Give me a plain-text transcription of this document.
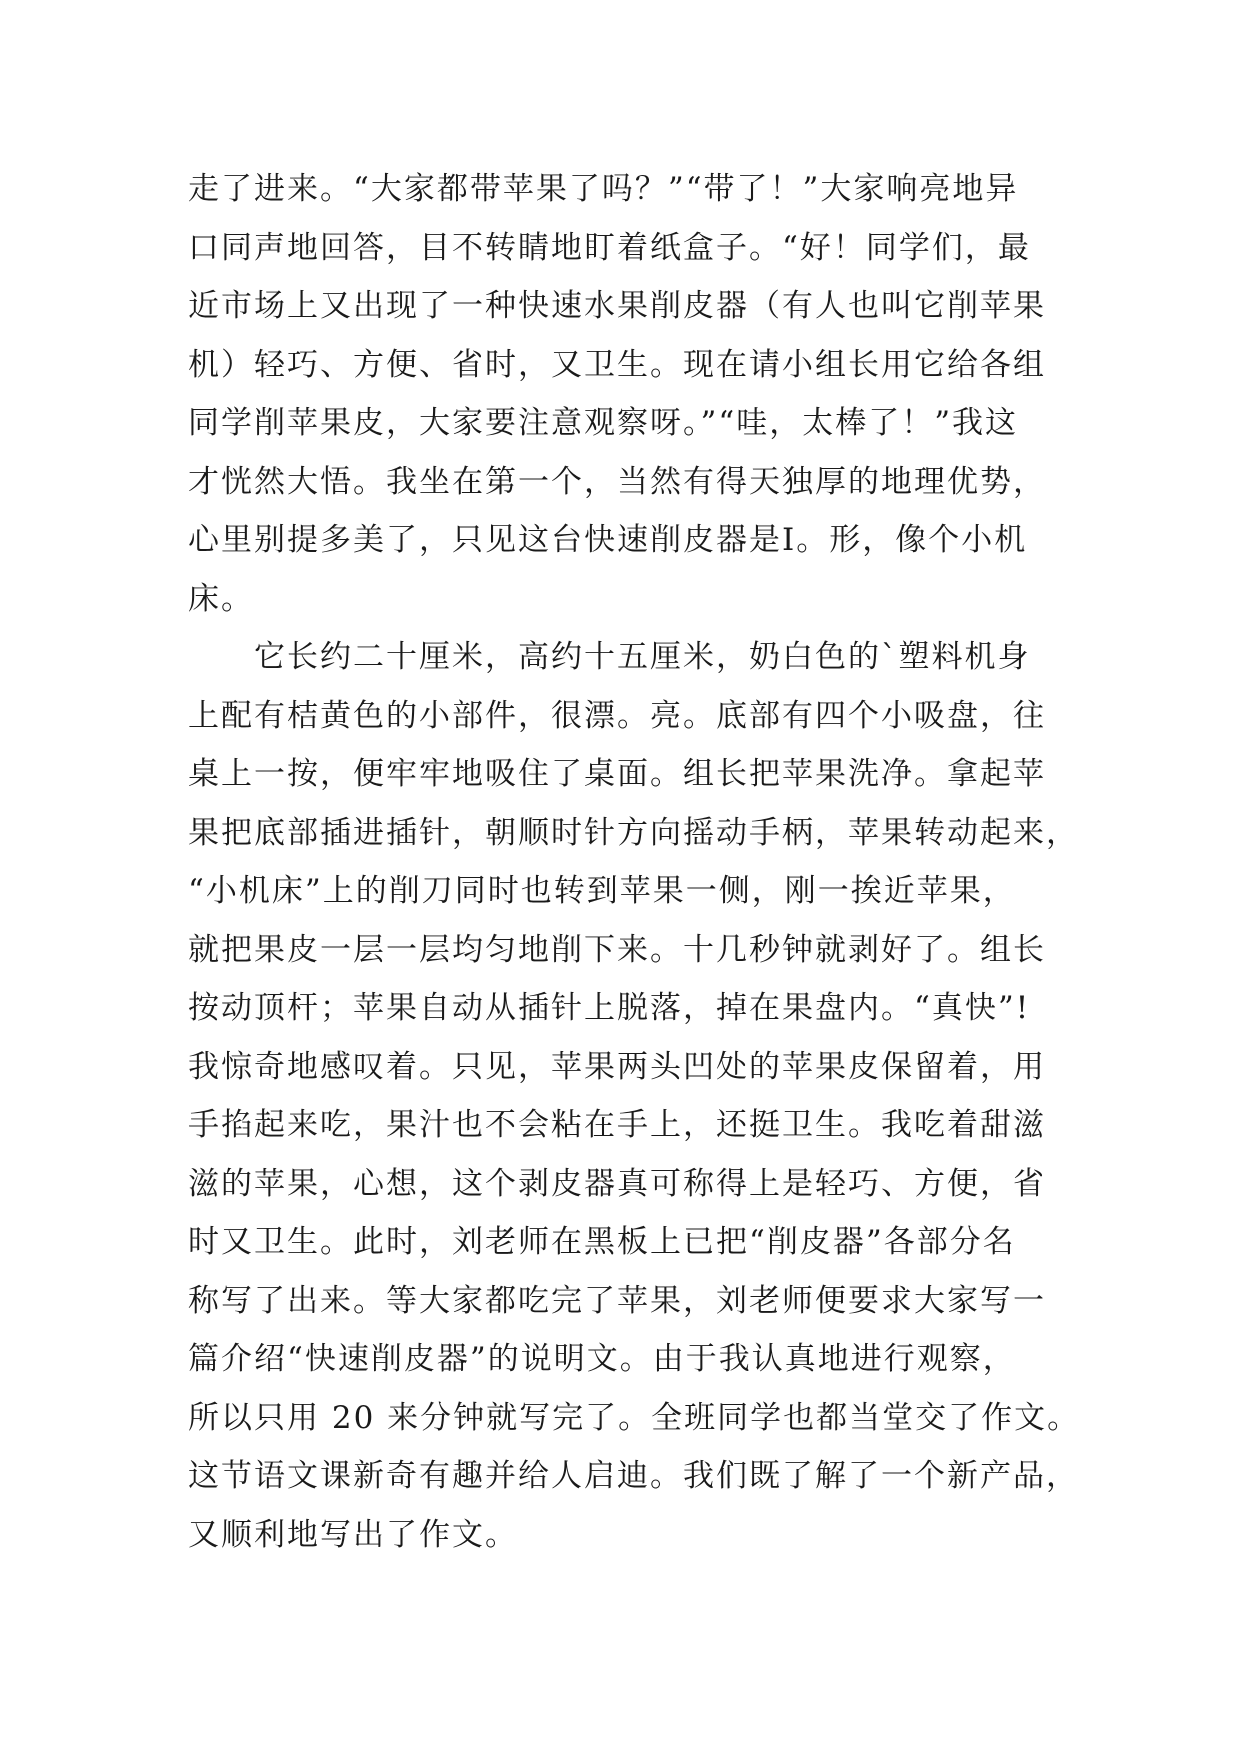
走了进来。“大家都带苹果了吗？”“带了！”大家响亮地异
口同声地回答，目不转睛地盯着纸盒子。“好！同学们，最
近市场上又出现了一种快速水果削皮器（有人也叫它削苹果
机）轻巧、方便、省时，又卫生。现在请小组长用它给各组
同学削苹果皮，大家要注意观察呀。”“哇，太棒了！”我这
才恍然大悟。我坐在第一个，当然有得天独厚的地理优势，
心里别提多美了，只见这台快速削皮器是I。形，像个小机
床。
它长约二十厘米，高约十五厘米，奶白色的`塑料机身
上配有桔黄色的小部件，很漂。亮。底部有四个小吸盘，往
桌上一按，便牢牢地吸住了桌面。组长把苹果洗净。拿起苹
果把底部插进插针，朝顺时针方向摇动手柄，苹果转动起来，
“小机床”上的削刀同时也转到苹果一侧，刚一挨近苹果，
就把果皮一层一层均匀地削下来。十几秒钟就剥好了。组长
按动顶杆；苹果自动从插针上脱落，掉在果盘内。“真快”!
我惊奇地感叹着。只见，苹果两头凹处的苹果皮保留着，用
手掐起来吃，果汁也不会粘在手上，还挺卫生。我吃着甜滋
滋的苹果，心想，这个剥皮器真可称得上是轻巧、方便，省
时又卫生。此时，刘老师在黑板上已把“削皮器”各部分名
称写了出来。等大家都吃完了苹果，刘老师便要求大家写一
篇介绍“快速削皮器”的说明文。由于我认真地进行观察，
所以只用 20 来分钟就写完了。全班同学也都当堂交了作文。
这节语文课新奇有趣并给人启迪。我们既了解了一个新产品，
又顺利地写出了作文。
